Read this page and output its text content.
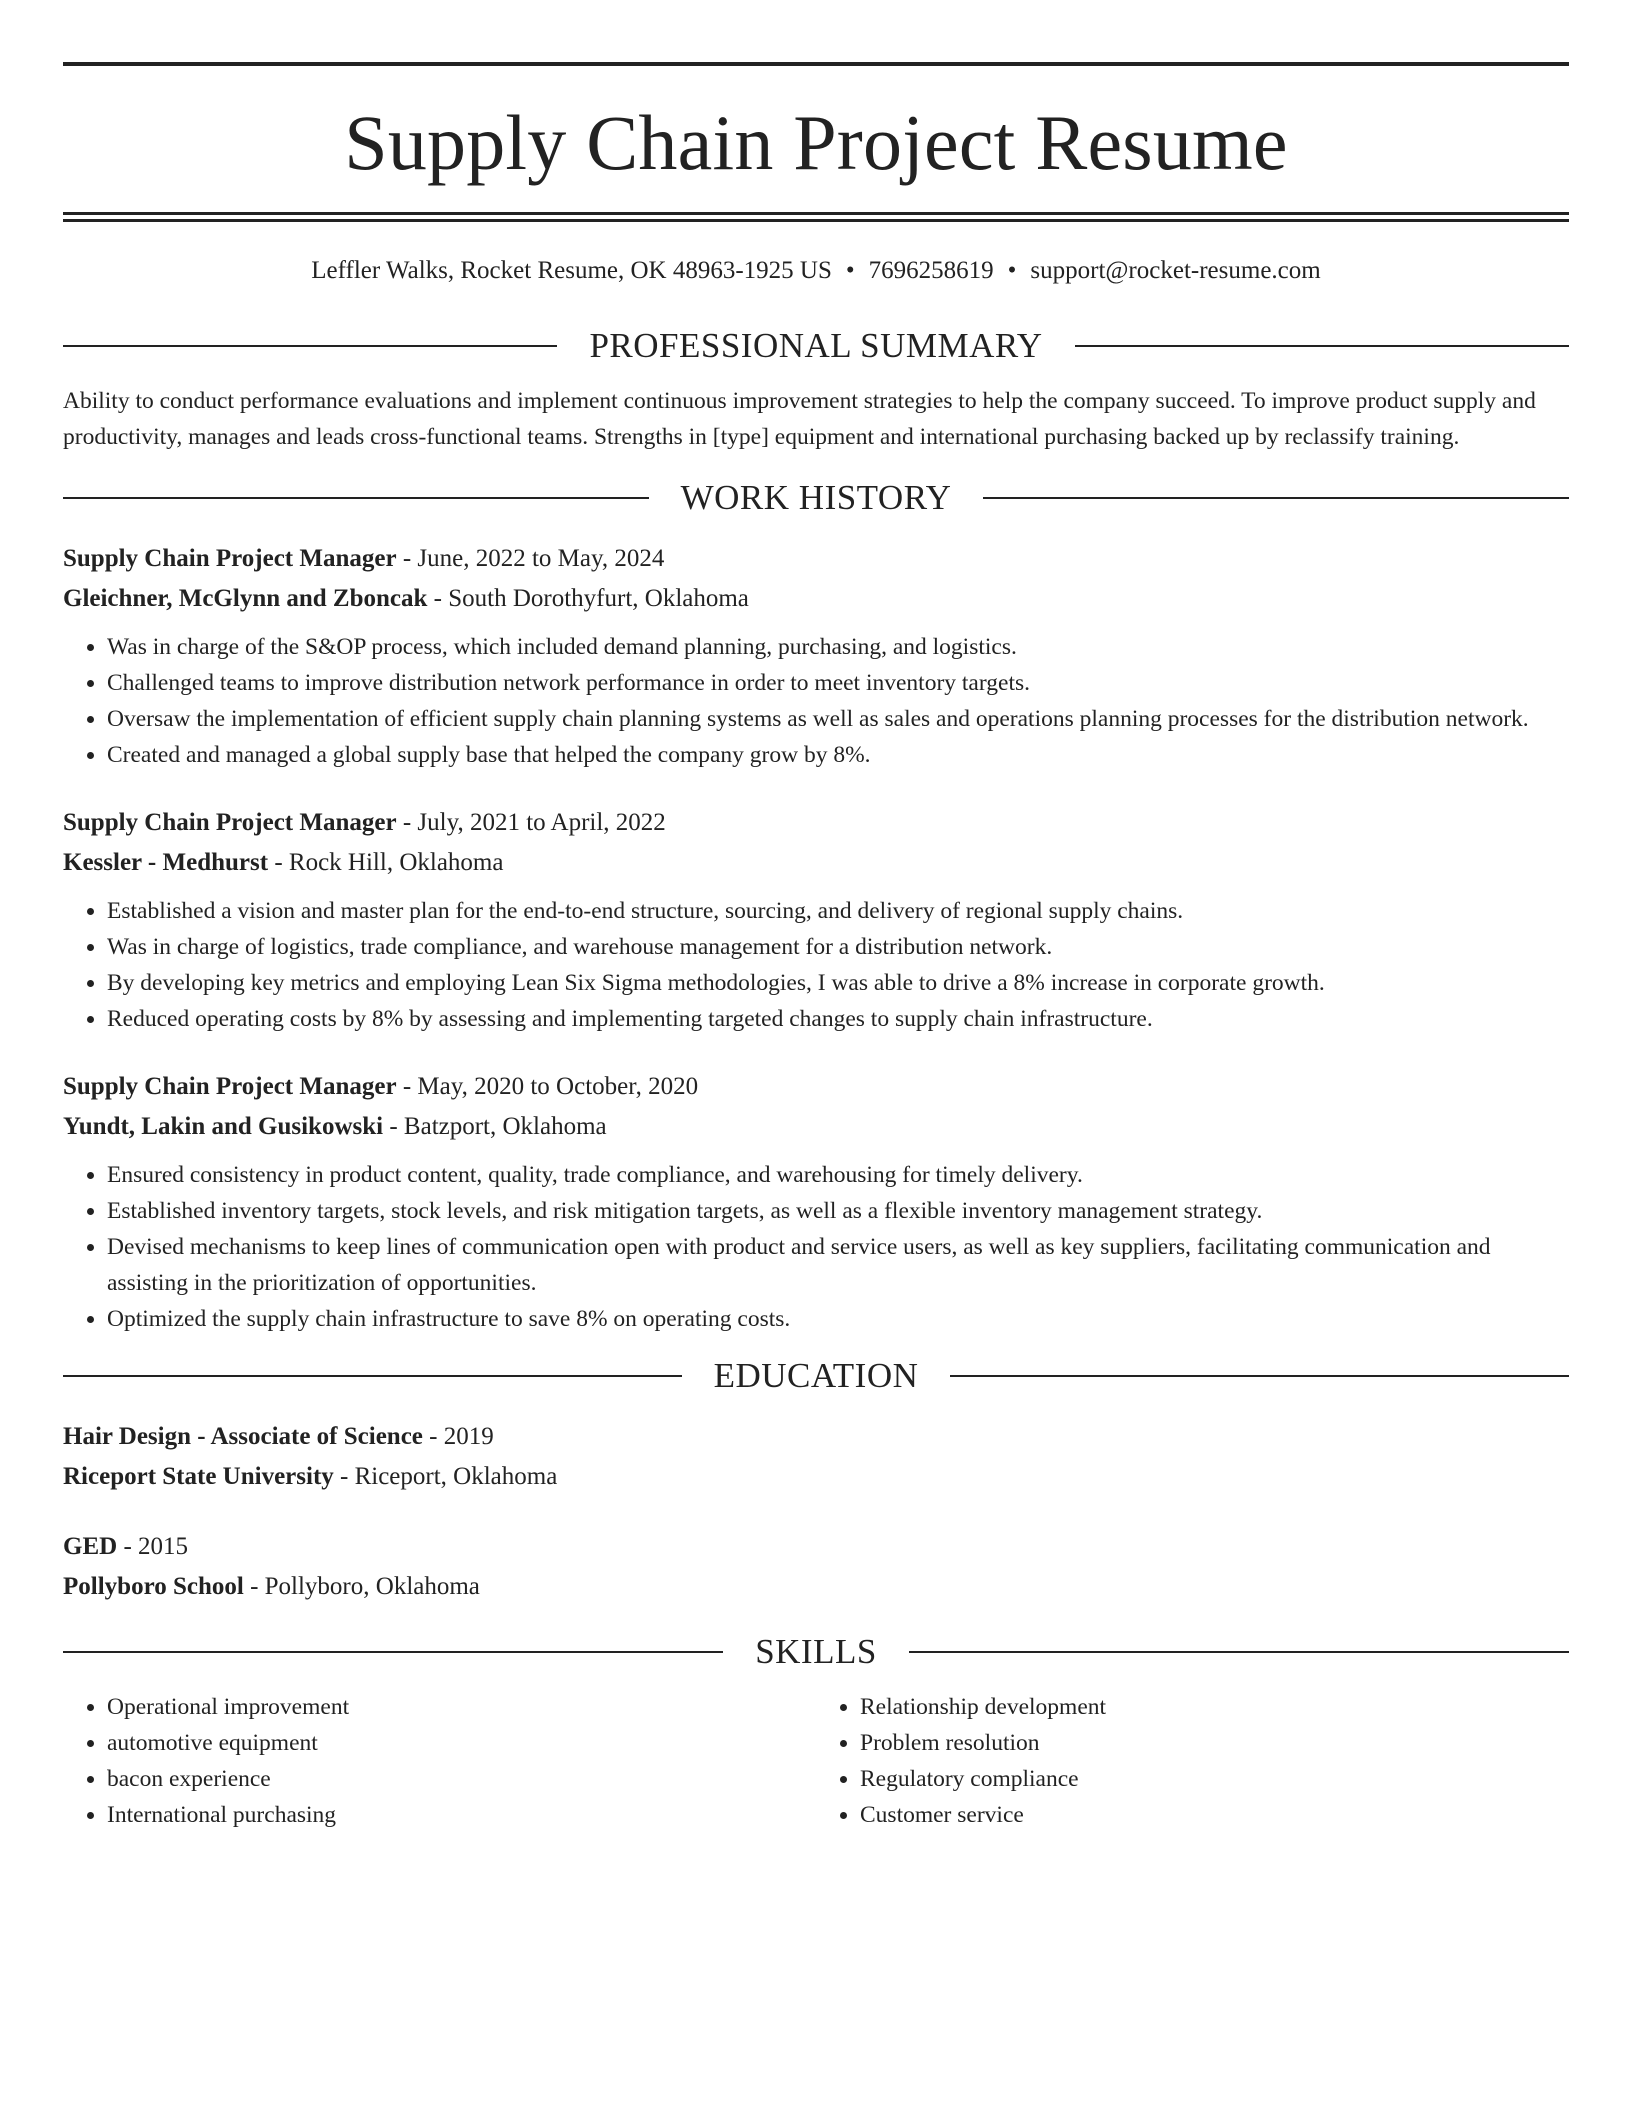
Supply Chain Project Resume
Leffler Walks, Rocket Resume, OK 48963-1925 US • 7696258619 • support@rocket-resume.com
PROFESSIONAL SUMMARY

Ability to conduct performance evaluations and implement continuous improvement strategies to help the company succeed. To improve product supply and productivity, manages and leads cross-functional teams. Strengths in [type] equipment and international purchasing backed up by reclassify training.

WORK HISTORY
Supply Chain Project Manager - June, 2022 to May, 2024
Gleichner, McGlynn and Zboncak - South Dorothyfurt, Oklahoma
• Was in charge of the S&OP process, which included demand planning, purchasing, and logistics.
• Challenged teams to improve distribution network performance in order to meet inventory targets.
• Oversaw the implementation of efficient supply chain planning systems as well as sales and operations planning processes for the distribution network.
• Created and managed a global supply base that helped the company grow by 8%.
Supply Chain Project Manager - July, 2021 to April, 2022
Kessler - Medhurst - Rock Hill, Oklahoma
• Established a vision and master plan for the end-to-end structure, sourcing, and delivery of regional supply chains.
• Was in charge of logistics, trade compliance, and warehouse management for a distribution network.
• By developing key metrics and employing Lean Six Sigma methodologies, I was able to drive a 8% increase in corporate growth.
• Reduced operating costs by 8% by assessing and implementing targeted changes to supply chain infrastructure.
Supply Chain Project Manager - May, 2020 to October, 2020
Yundt, Lakin and Gusikowski - Batzport, Oklahoma
• Ensured consistency in product content, quality, trade compliance, and warehousing for timely delivery.
• Established inventory targets, stock levels, and risk mitigation targets, as well as a flexible inventory management strategy.
• Devised mechanisms to keep lines of communication open with product and service users, as well as key suppliers, facilitating communication and assisting in the prioritization of opportunities.
• Optimized the supply chain infrastructure to save 8% on operating costs.
EDUCATION
Hair Design - Associate of Science - 2019
Riceport State University - Riceport, Oklahoma
GED - 2015
Pollyboro School - Pollyboro, Oklahoma
SKILLS
• Operational improvement
• automotive equipment
• bacon experience
• International purchasing
• Relationship development
• Problem resolution
• Regulatory compliance
• Customer service
